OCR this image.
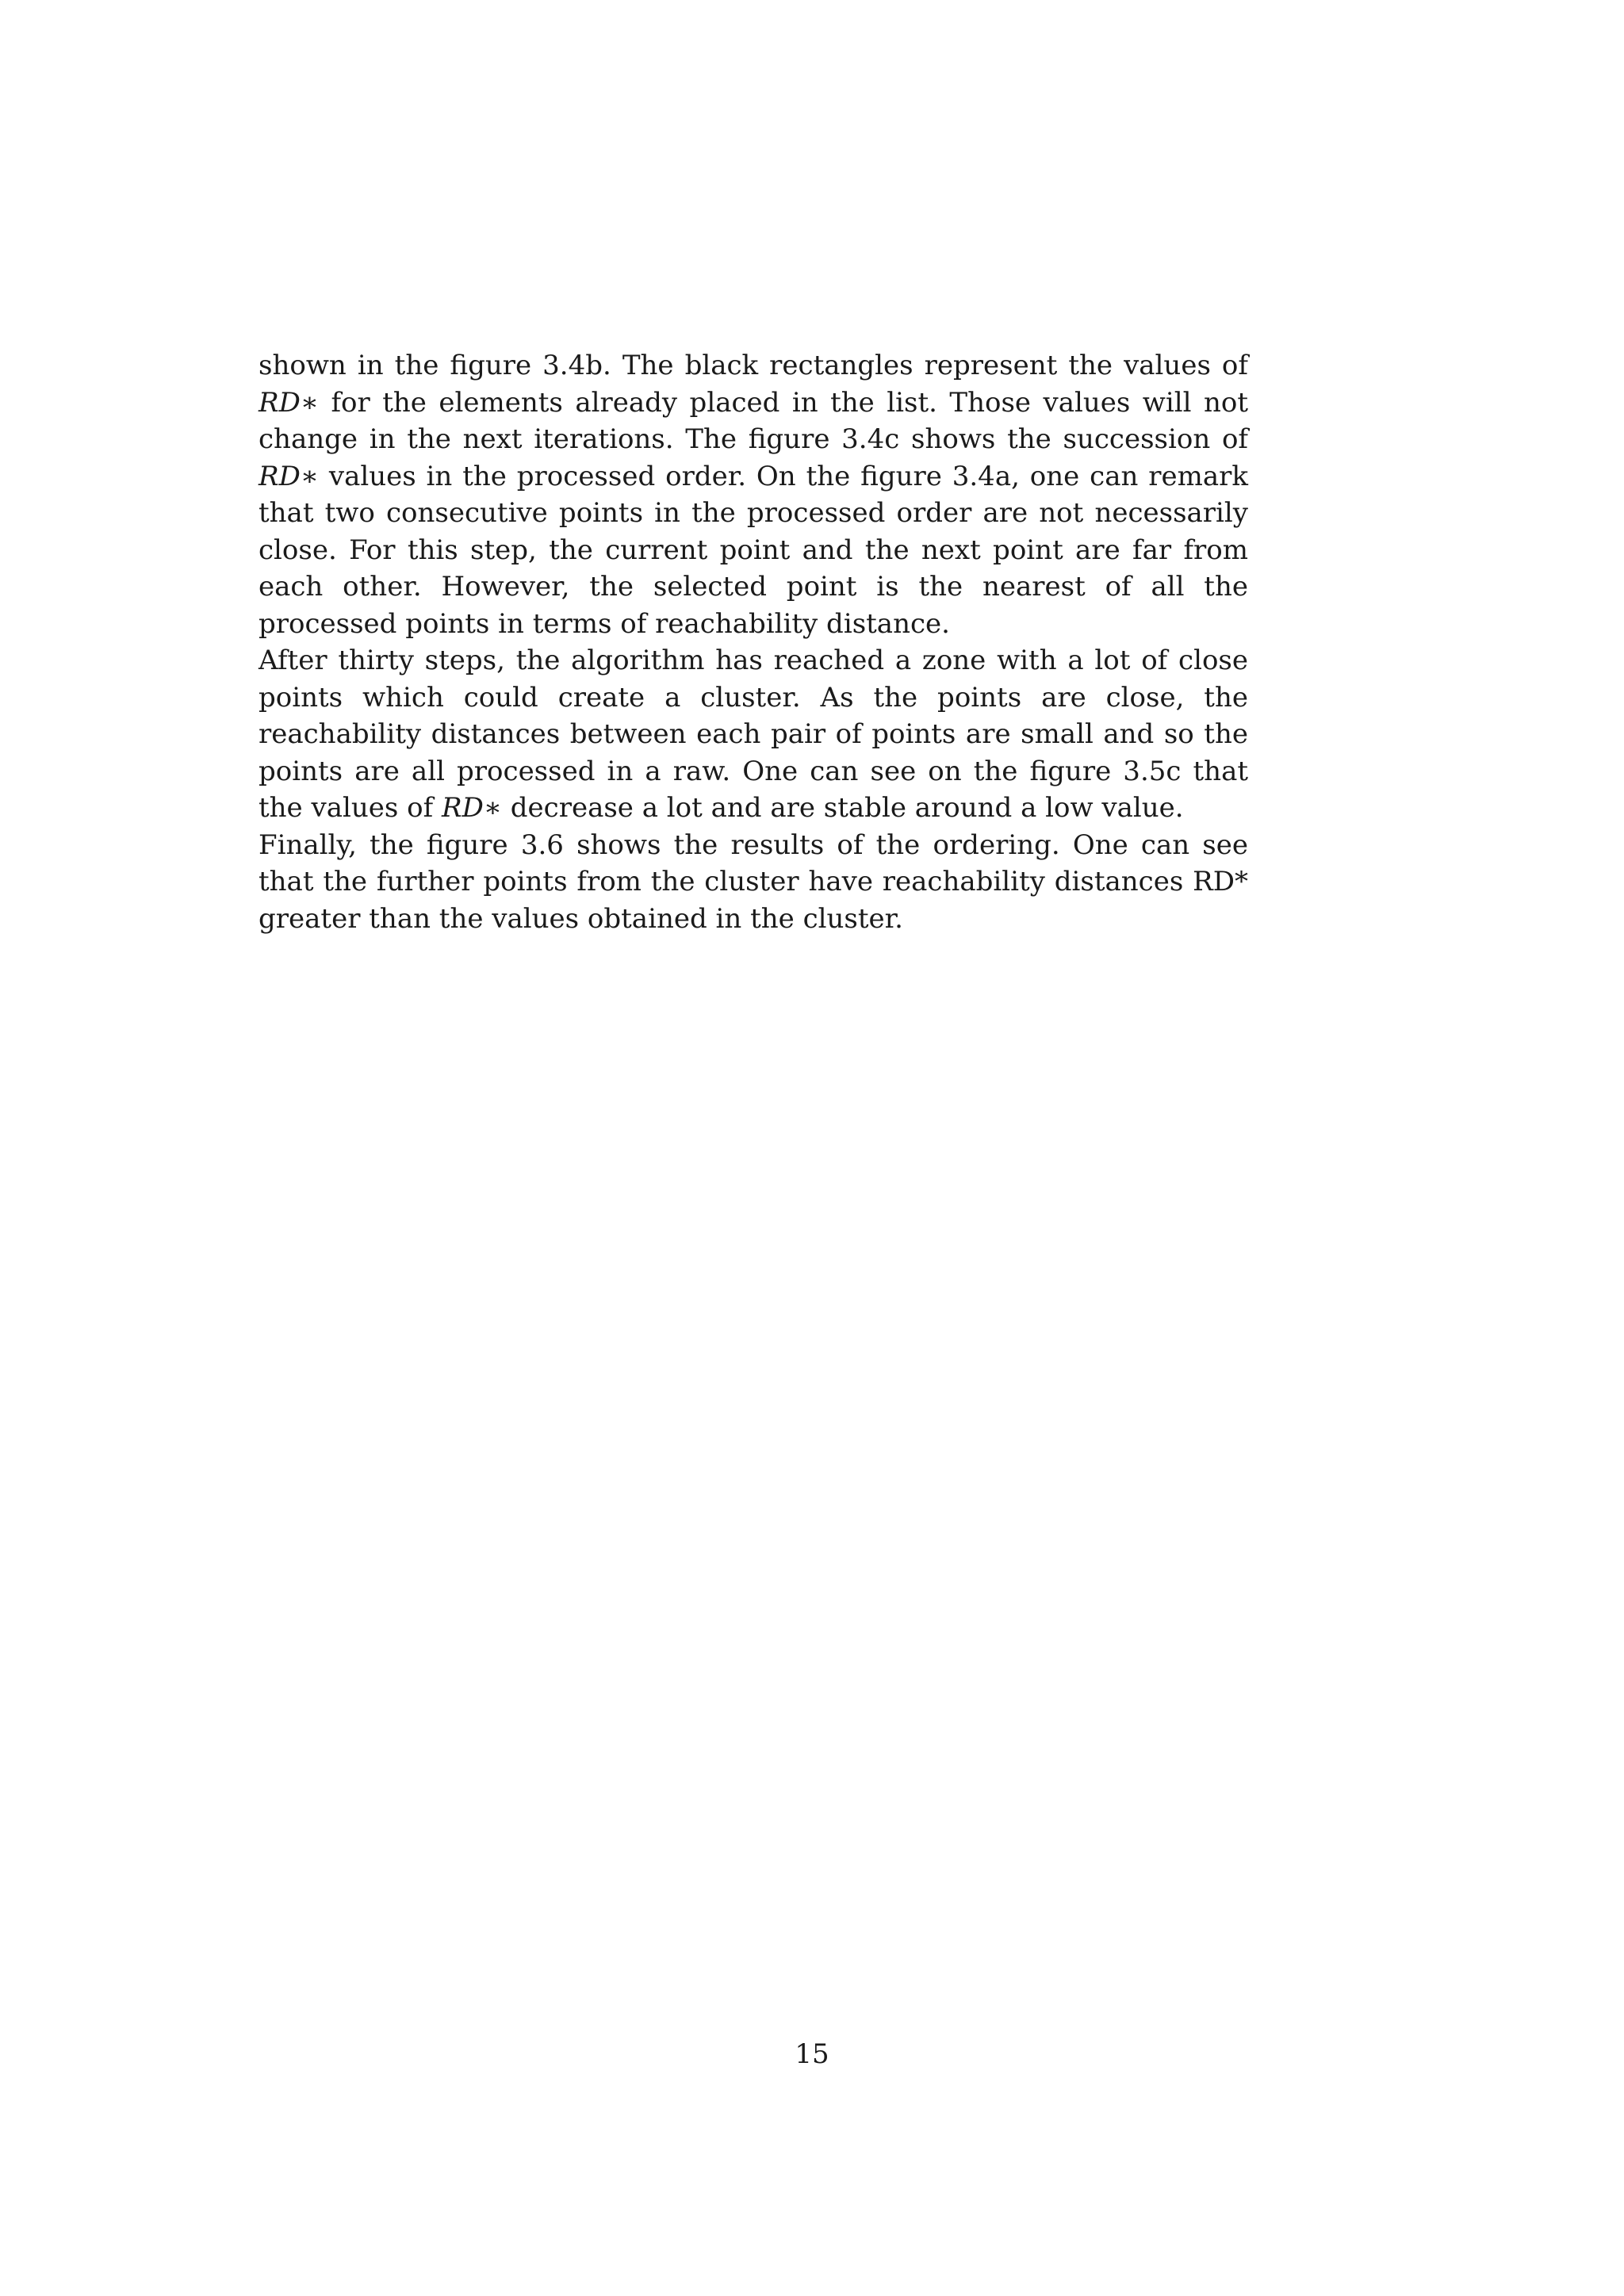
shown in the figure 3.4b. The black rectangles represent the values of RD∗ for the elements already placed in the list. Those values will not change in the next iterations. The figure 3.4c shows the succession of RD∗ values in the processed order. On the figure 3.4a, one can remark that two consecutive points in the processed order are not necessarily close. For this step, the current point and the next point are far from each other. However, the selected point is the nearest of all the processed points in terms of reachability distance.

After thirty steps, the algorithm has reached a zone with a lot of close points which could create a cluster. As the points are close, the reachability distances between each pair of points are small and so the points are all processed in a raw. One can see on the figure 3.5c that the values of RD∗ decrease a lot and are stable around a low value.

Finally, the figure 3.6 shows the results of the ordering. One can see that the further points from the cluster have reachability distances RD* greater than the values obtained in the cluster.

15
